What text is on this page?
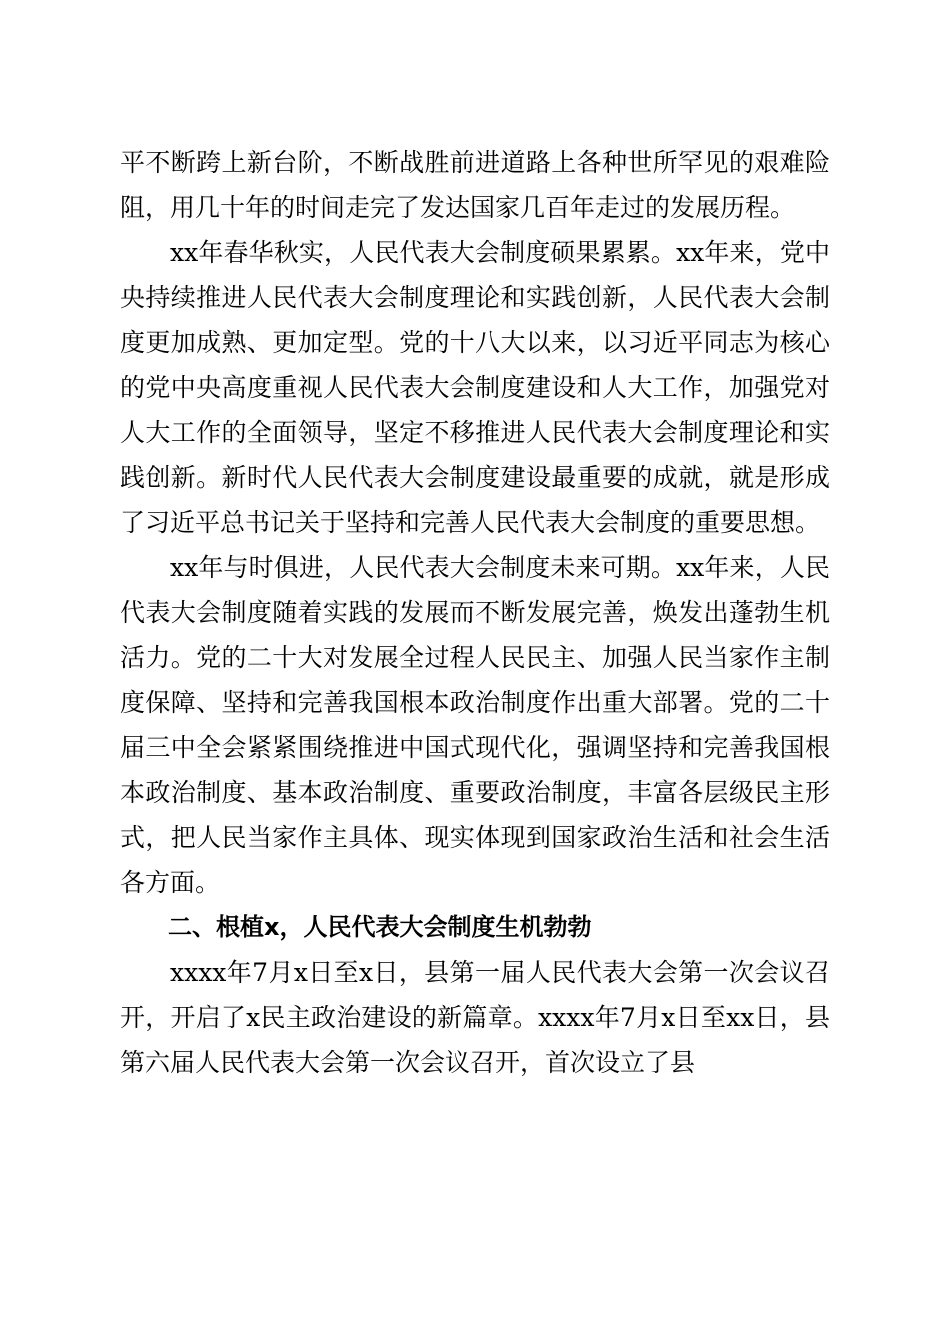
平不断跨上新台阶，不断战胜前进道路上各种世所罕见的艰难险阻，用几十年的时间走完了发达国家几百年走过的发展历程。

xx年春华秋实，人民代表大会制度硕果累累。xx年来，党中央持续推进人民代表大会制度理论和实践创新，人民代表大会制度更加成熟、更加定型。党的十八大以来，以习近平同志为核心的党中央高度重视人民代表大会制度建设和人大工作，加强党对人大工作的全面领导，坚定不移推进人民代表大会制度理论和实践创新。新时代人民代表大会制度建设最重要的成就，就是形成了习近平总书记关于坚持和完善人民代表大会制度的重要思想。

xx年与时俱进，人民代表大会制度未来可期。xx年来，人民代表大会制度随着实践的发展而不断发展完善，焕发出蓬勃生机活力。党的二十大对发展全过程人民民主、加强人民当家作主制度保障、坚持和完善我国根本政治制度作出重大部署。党的二十届三中全会紧紧围绕推进中国式现代化，强调坚持和完善我国根本政治制度、基本政治制度、重要政治制度，丰富各层级民主形式，把人民当家作主具体、现实体现到国家政治生活和社会生活各方面。

二、根植x，人民代表大会制度生机勃勃

xxxx年7月x日至x日，县第一届人民代表大会第一次会议召开，开启了x民主政治建设的新篇章。xxxx年7月x日至xx日，县第六届人民代表大会第一次会议召开，首次设立了县
